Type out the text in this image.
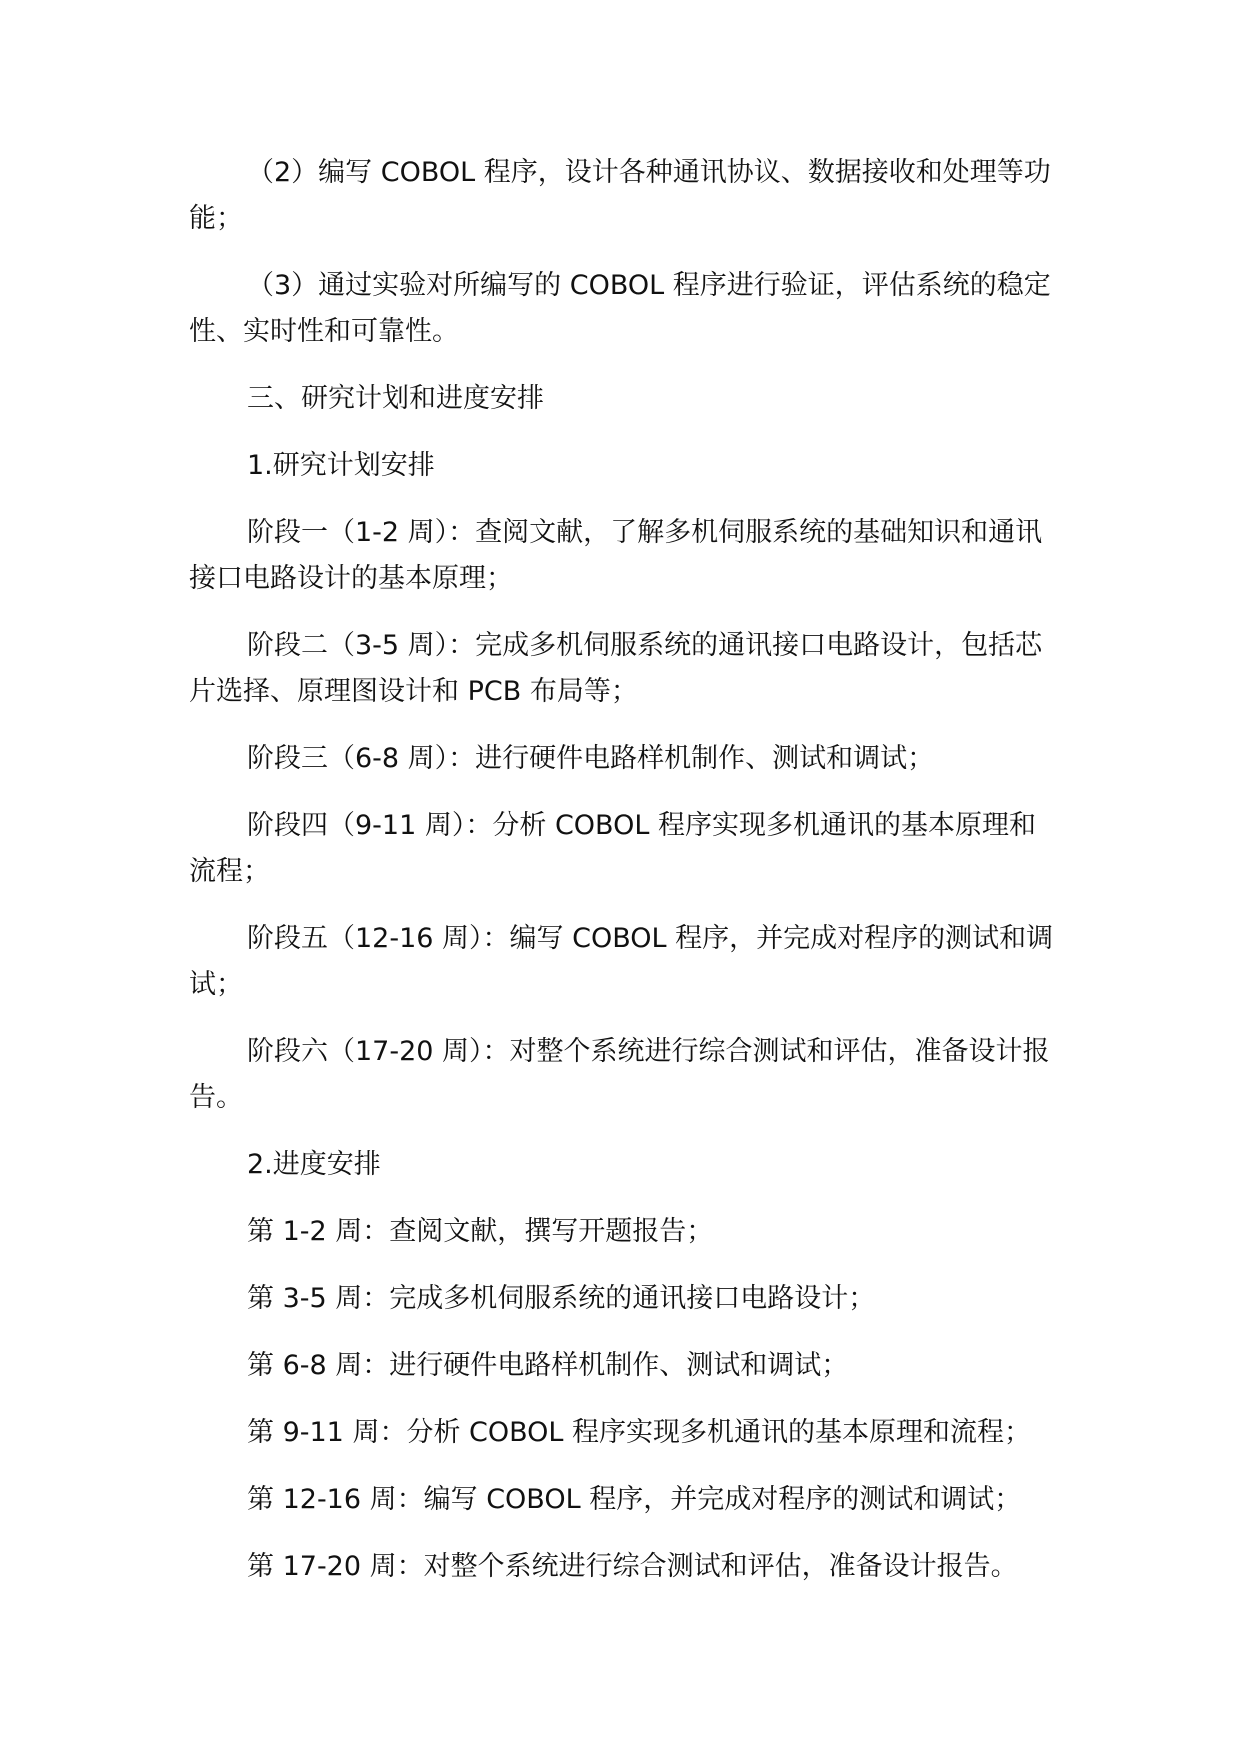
（2）编写 COBOL 程序，设计各种通讯协议、数据接收和处理等功能；

（3）通过实验对所编写的 COBOL 程序进行验证，评估系统的稳定性、实时性和可靠性。

三、研究计划和进度安排

1.研究计划安排

阶段一（1-2 周）：查阅文献，了解多机伺服系统的基础知识和通讯接口电路设计的基本原理；

阶段二（3-5 周）：完成多机伺服系统的通讯接口电路设计，包括芯片选择、原理图设计和 PCB 布局等；

阶段三（6-8 周）：进行硬件电路样机制作、测试和调试；

阶段四（9-11 周）：分析 COBOL 程序实现多机通讯的基本原理和流程；

阶段五（12-16 周）：编写 COBOL 程序，并完成对程序的测试和调试；

阶段六（17-20 周）：对整个系统进行综合测试和评估，准备设计报告。

2.进度安排

第 1-2 周：查阅文献，撰写开题报告；

第 3-5 周：完成多机伺服系统的通讯接口电路设计；

第 6-8 周：进行硬件电路样机制作、测试和调试；

第 9-11 周：分析 COBOL 程序实现多机通讯的基本原理和流程；

第 12-16 周：编写 COBOL 程序，并完成对程序的测试和调试；

第 17-20 周：对整个系统进行综合测试和评估，准备设计报告。
